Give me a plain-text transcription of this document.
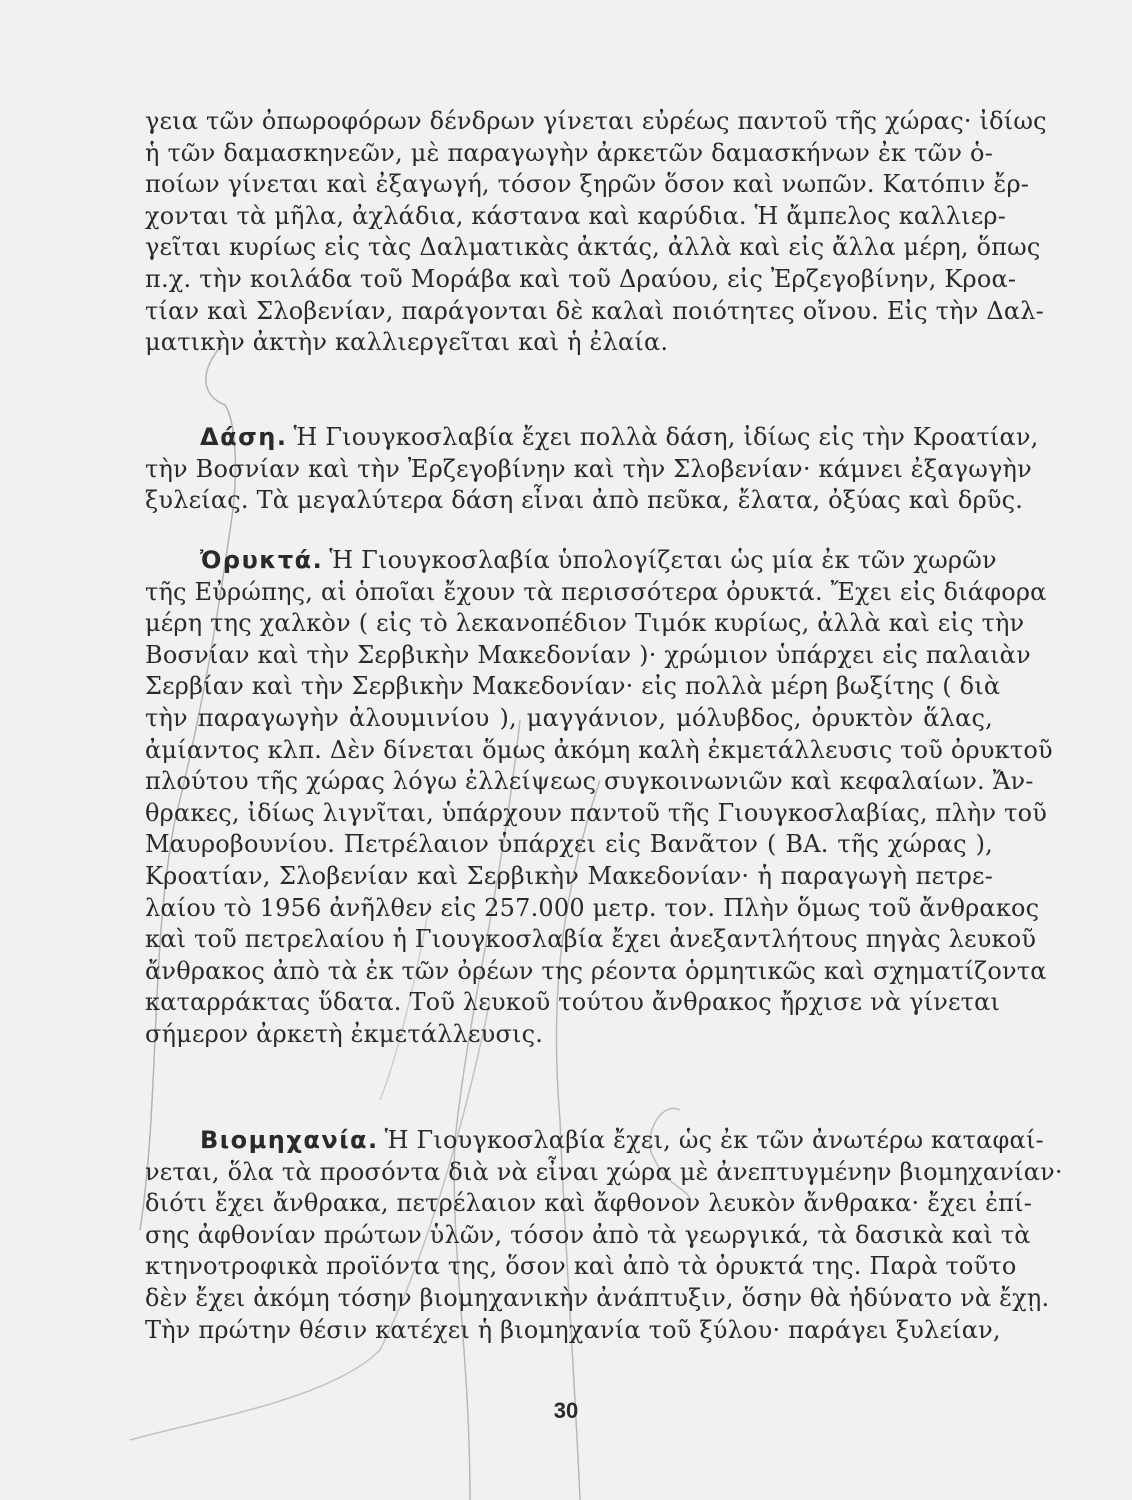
30
γεια τῶν ὀπωροφόρων δένδρων γίνεται εὐρέως παντοῦ τῆς χώρας· ἰδίως
ἡ τῶν δαμασκηνεῶν, μὲ παραγωγὴν ἀρκετῶν δαμασκήνων ἐκ τῶν ὁ-
ποίων γίνεται καὶ ἐξαγωγή, τόσον ξηρῶν ὅσον καὶ νωπῶν. Κατόπιν ἔρ-
χονται τὰ μῆλα, ἀχλάδια, κάστανα καὶ καρύδια. Ἡ ἄμπελος καλλιερ-
γεῖται κυρίως εἰς τὰς Δαλματικὰς ἀκτάς, ἀλλὰ καὶ εἰς ἄλλα μέρη, ὅπως
π.χ. τὴν κοιλάδα τοῦ Μοράβα καὶ τοῦ Δραύου, εἰς Ἐρζεγοβίνην, Κροα-
τίαν καὶ Σλοβενίαν, παράγονται δὲ καλαὶ ποιότητες οἴνου. Εἰς τὴν Δαλ-
ματικὴν ἀκτὴν καλλιεργεῖται καὶ ἡ ἐλαία.
Δάση. Ἡ Γιουγκοσλαβία ἔχει πολλὰ δάση, ἰδίως εἰς τὴν Κροατίαν,
τὴν Βοσνίαν καὶ τὴν Ἐρζεγοβίνην καὶ τὴν Σλοβενίαν· κάμνει ἐξαγωγὴν
ξυλείας. Τὰ μεγαλύτερα δάση εἶναι ἀπὸ πεῦκα, ἔλατα, ὀξύας καὶ δρῦς.
Ὀρυκτά. Ἡ Γιουγκοσλαβία ὑπολογίζεται ὡς μία ἐκ τῶν χωρῶν
τῆς Εὐρώπης, αἱ ὁποῖαι ἔχουν τὰ περισσότερα ὀρυκτά. Ἔχει εἰς διάφορα
μέρη της χαλκὸν ( εἰς τὸ λεκανοπέδιον Τιμόκ κυρίως, ἀλλὰ καὶ εἰς τὴν
Βοσνίαν καὶ τὴν Σερβικὴν Μακεδονίαν )· χρώμιον ὑπάρχει εἰς παλαιὰν
Σερβίαν καὶ τὴν Σερβικὴν Μακεδονίαν· εἰς πολλὰ μέρη βωξίτης ( διὰ
τὴν παραγωγὴν ἀλουμινίου ), μαγγάνιον, μόλυβδος, ὀρυκτὸν ἅλας,
ἀμίαντος κλπ. Δὲν δίνεται ὅμως ἀκόμη καλὴ ἐκμετάλλευσις τοῦ ὀρυκτοῦ
πλούτου τῆς χώρας λόγω ἐλλείψεως συγκοινωνιῶν καὶ κεφαλαίων. Ἄν-
θρακες, ἰδίως λιγνῖται, ὑπάρχουν παντοῦ τῆς Γιουγκοσλαβίας, πλὴν τοῦ
Μαυροβουνίου. Πετρέλαιον ὑπάρχει εἰς Βανᾶτον ( ΒΑ. τῆς χώρας ),
Κροατίαν, Σλοβενίαν καὶ Σερβικὴν Μακεδονίαν· ἡ παραγωγὴ πετρε-
λαίου τὸ 1956 ἀνῆλθεν εἰς 257.000 μετρ. τον. Πλὴν ὅμως τοῦ ἄνθρακος
καὶ τοῦ πετρελαίου ἡ Γιουγκοσλαβία ἔχει ἀνεξαντλήτους πηγὰς λευκοῦ
ἄνθρακος ἀπὸ τὰ ἐκ τῶν ὀρέων της ρέοντα ὁρμητικῶς καὶ σχηματίζοντα
καταρράκτας ὕδατα. Τοῦ λευκοῦ τούτου ἄνθρακος ἤρχισε νὰ γίνεται
σήμερον ἀρκετὴ ἐκμετάλλευσις.
Βιομηχανία. Ἡ Γιουγκοσλαβία ἔχει, ὡς ἐκ τῶν ἀνωτέρω καταφαί-
νεται, ὅλα τὰ προσόντα διὰ νὰ εἶναι χώρα μὲ ἀνεπτυγμένην βιομηχανίαν·
διότι ἔχει ἄνθρακα, πετρέλαιον καὶ ἄφθονον λευκὸν ἄνθρακα· ἔχει ἐπί-
σης ἀφθονίαν πρώτων ὑλῶν, τόσον ἀπὸ τὰ γεωργικά, τὰ δασικὰ καὶ τὰ
κτηνοτροφικὰ προϊόντα της, ὅσον καὶ ἀπὸ τὰ ὀρυκτά της. Παρὰ τοῦτο
δὲν ἔχει ἀκόμη τόσην βιομηχανικὴν ἀνάπτυξιν, ὅσην θὰ ἠδύνατο νὰ ἔχῃ.
Τὴν πρώτην θέσιν κατέχει ἡ βιομηχανία τοῦ ξύλου· παράγει ξυλείαν,
